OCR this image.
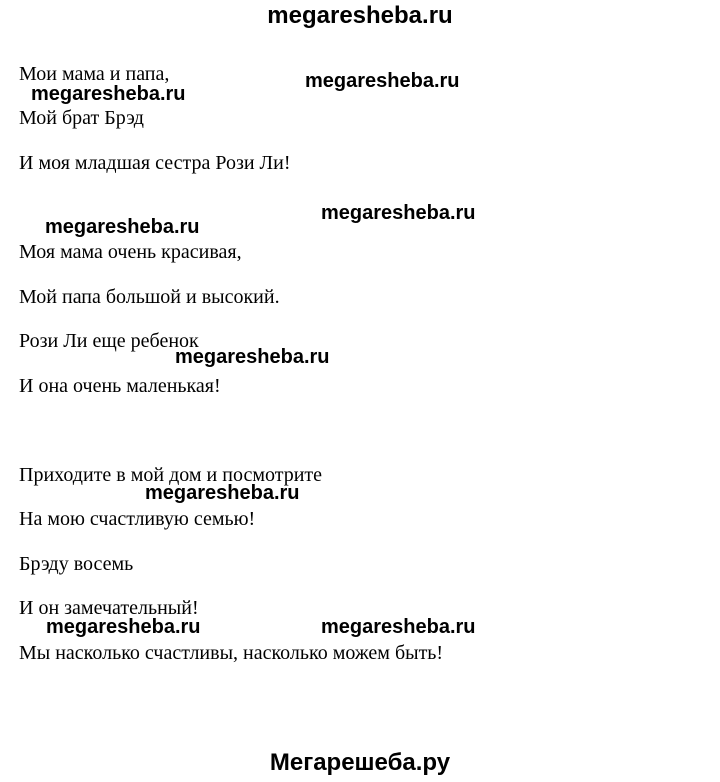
megaresheba.ru
Мегарешеба.ру
megaresheba.ru
megaresheba.ru
megaresheba.ru
megaresheba.ru
megaresheba.ru
megaresheba.ru
megaresheba.ru	megaresheba.ru
Мои мама и папа,
Мой брат Брэд
И моя младшая сестра Рози Ли!
Моя мама очень красивая,
Мой папа большой и высокий.
Рози Ли еще ребенок
И она очень маленькая!
Приходите в мой дом и посмотрите
На мою счастливую семью!
Брэду восемь
И он замечательный!
Мы насколько счастливы, насколько можем быть!
